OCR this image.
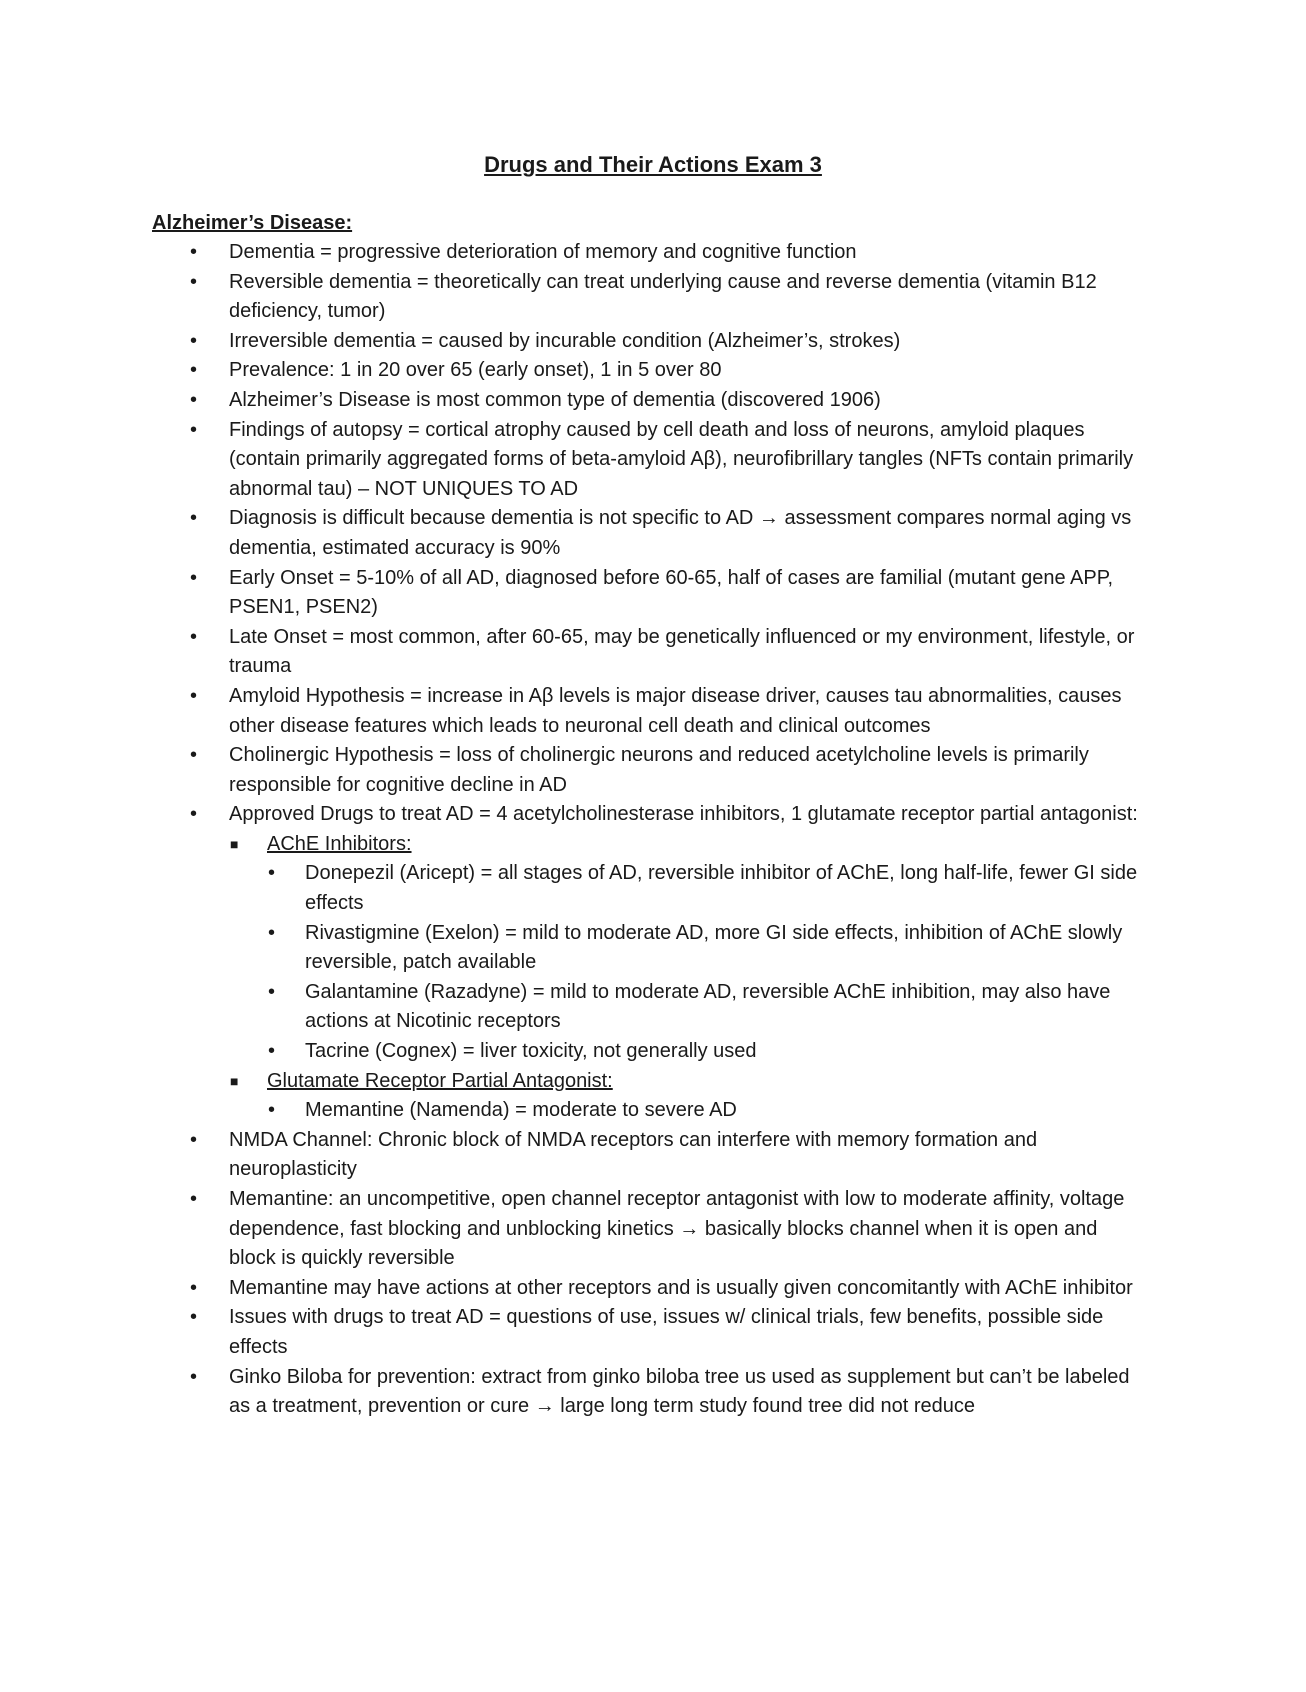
Drugs and Their Actions Exam 3
Alzheimer’s Disease:
• Dementia = progressive deterioration of memory and cognitive function
• Reversible dementia = theoretically can treat underlying cause and reverse dementia (vitamin B12 deficiency, tumor)
• Irreversible dementia = caused by incurable condition (Alzheimer’s, strokes)
• Prevalence: 1 in 20 over 65 (early onset), 1 in 5 over 80
• Alzheimer’s Disease is most common type of dementia (discovered 1906)
• Findings of autopsy = cortical atrophy caused by cell death and loss of neurons, amyloid plaques (contain primarily aggregated forms of beta-amyloid Aβ), neurofibrillary tangles (NFTs contain primarily abnormal tau) – NOT UNIQUES TO AD
• Diagnosis is difficult because dementia is not specific to AD → assessment compares normal aging vs dementia, estimated accuracy is 90%
• Early Onset = 5-10% of all AD, diagnosed before 60-65, half of cases are familial (mutant gene APP, PSEN1, PSEN2)
• Late Onset = most common, after 60-65, may be genetically influenced or my environment, lifestyle, or trauma
• Amyloid Hypothesis = increase in Aβ levels is major disease driver, causes tau abnormalities, causes other disease features which leads to neuronal cell death and clinical outcomes
• Cholinergic Hypothesis = loss of cholinergic neurons and reduced acetylcholine levels is primarily responsible for cognitive decline in AD
• Approved Drugs to treat AD = 4 acetylcholinesterase inhibitors, 1 glutamate receptor partial antagonist:
■ AChE Inhibitors:
• Donepezil (Aricept) = all stages of AD, reversible inhibitor of AChE, long half-life, fewer GI side effects
• Rivastigmine (Exelon) = mild to moderate AD, more GI side effects, inhibition of AChE slowly reversible, patch available
• Galantamine (Razadyne) = mild to moderate AD, reversible AChE inhibition, may also have actions at Nicotinic receptors
• Tacrine (Cognex) = liver toxicity, not generally used
■ Glutamate Receptor Partial Antagonist:
• Memantine (Namenda) = moderate to severe AD
• NMDA Channel: Chronic block of NMDA receptors can interfere with memory formation and neuroplasticity
• Memantine: an uncompetitive, open channel receptor antagonist with low to moderate affinity, voltage dependence, fast blocking and unblocking kinetics → basically blocks channel when it is open and block is quickly reversible
• Memantine may have actions at other receptors and is usually given concomitantly with AChE inhibitor
• Issues with drugs to treat AD = questions of use, issues w/ clinical trials, few benefits, possible side effects
• Ginko Biloba for prevention: extract from ginko biloba tree us used as supplement but can’t be labeled as a treatment, prevention or cure → large long term study found tree did not reduce
